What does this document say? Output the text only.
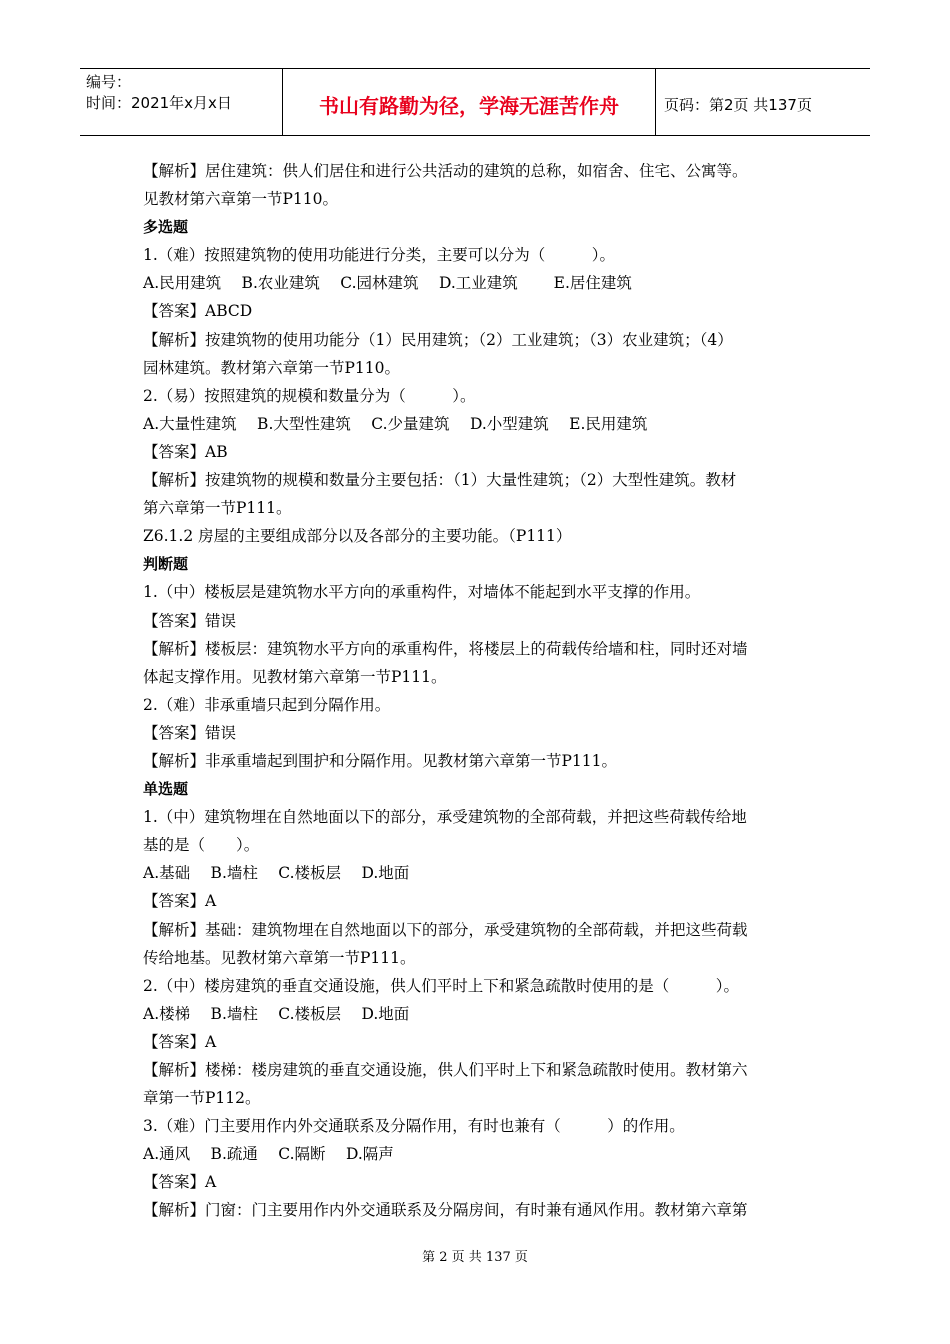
编号：
时间：2021年x月x日	书山有路勤为径，学海无涯苦作舟	页码：第2页 共137页
【解析】居住建筑：供人们居住和进行公共活动的建筑的总称，如宿舍、住宅、公寓等。
见教材第六章第一节P110。
多选题
1.（难）按照建筑物的使用功能进行分类，主要可以分为（　　　）。
A.民用建筑　 B.农业建筑　 C.园林建筑　 D.工业建筑　　 E.居住建筑
【答案】ABCD
【解析】按建筑物的使用功能分（1）民用建筑；（2）工业建筑；（3）农业建筑；（4）
园林建筑。教材第六章第一节P110。
2.（易）按照建筑的规模和数量分为（　　　）。
A.大量性建筑　 B.大型性建筑　 C.少量建筑　 D.小型建筑　 E.民用建筑
【答案】AB
【解析】按建筑物的规模和数量分主要包括：（1）大量性建筑；（2）大型性建筑。教材
第六章第一节P111。
Z6.1.2 房屋的主要组成部分以及各部分的主要功能。（P111）
判断题
1.（中）楼板层是建筑物水平方向的承重构件，对墙体不能起到水平支撑的作用。
【答案】错误
【解析】楼板层：建筑物水平方向的承重构件，将楼层上的荷载传给墙和柱，同时还对墙
体起支撑作用。见教材第六章第一节P111。
2.（难）非承重墙只起到分隔作用。
【答案】错误
【解析】非承重墙起到围护和分隔作用。见教材第六章第一节P111。
单选题
1.（中）建筑物埋在自然地面以下的部分，承受建筑物的全部荷载，并把这些荷载传给地
基的是（　　）。
A.基础　 B.墙柱　 C.楼板层　 D.地面
【答案】A
【解析】基础：建筑物埋在自然地面以下的部分，承受建筑物的全部荷载，并把这些荷载
传给地基。见教材第六章第一节P111。
2.（中）楼房建筑的垂直交通设施，供人们平时上下和紧急疏散时使用的是（　　　）。
A.楼梯　 B.墙柱　 C.楼板层　 D.地面
【答案】A
【解析】楼梯：楼房建筑的垂直交通设施，供人们平时上下和紧急疏散时使用。教材第六
章第一节P112。
3.（难）门主要用作内外交通联系及分隔作用，有时也兼有（　　　）的作用。
A.通风　 B.疏通　 C.隔断　 D.隔声
【答案】A
【解析】门窗：门主要用作内外交通联系及分隔房间，有时兼有通风作用。教材第六章第
第 2 页 共 137 页
